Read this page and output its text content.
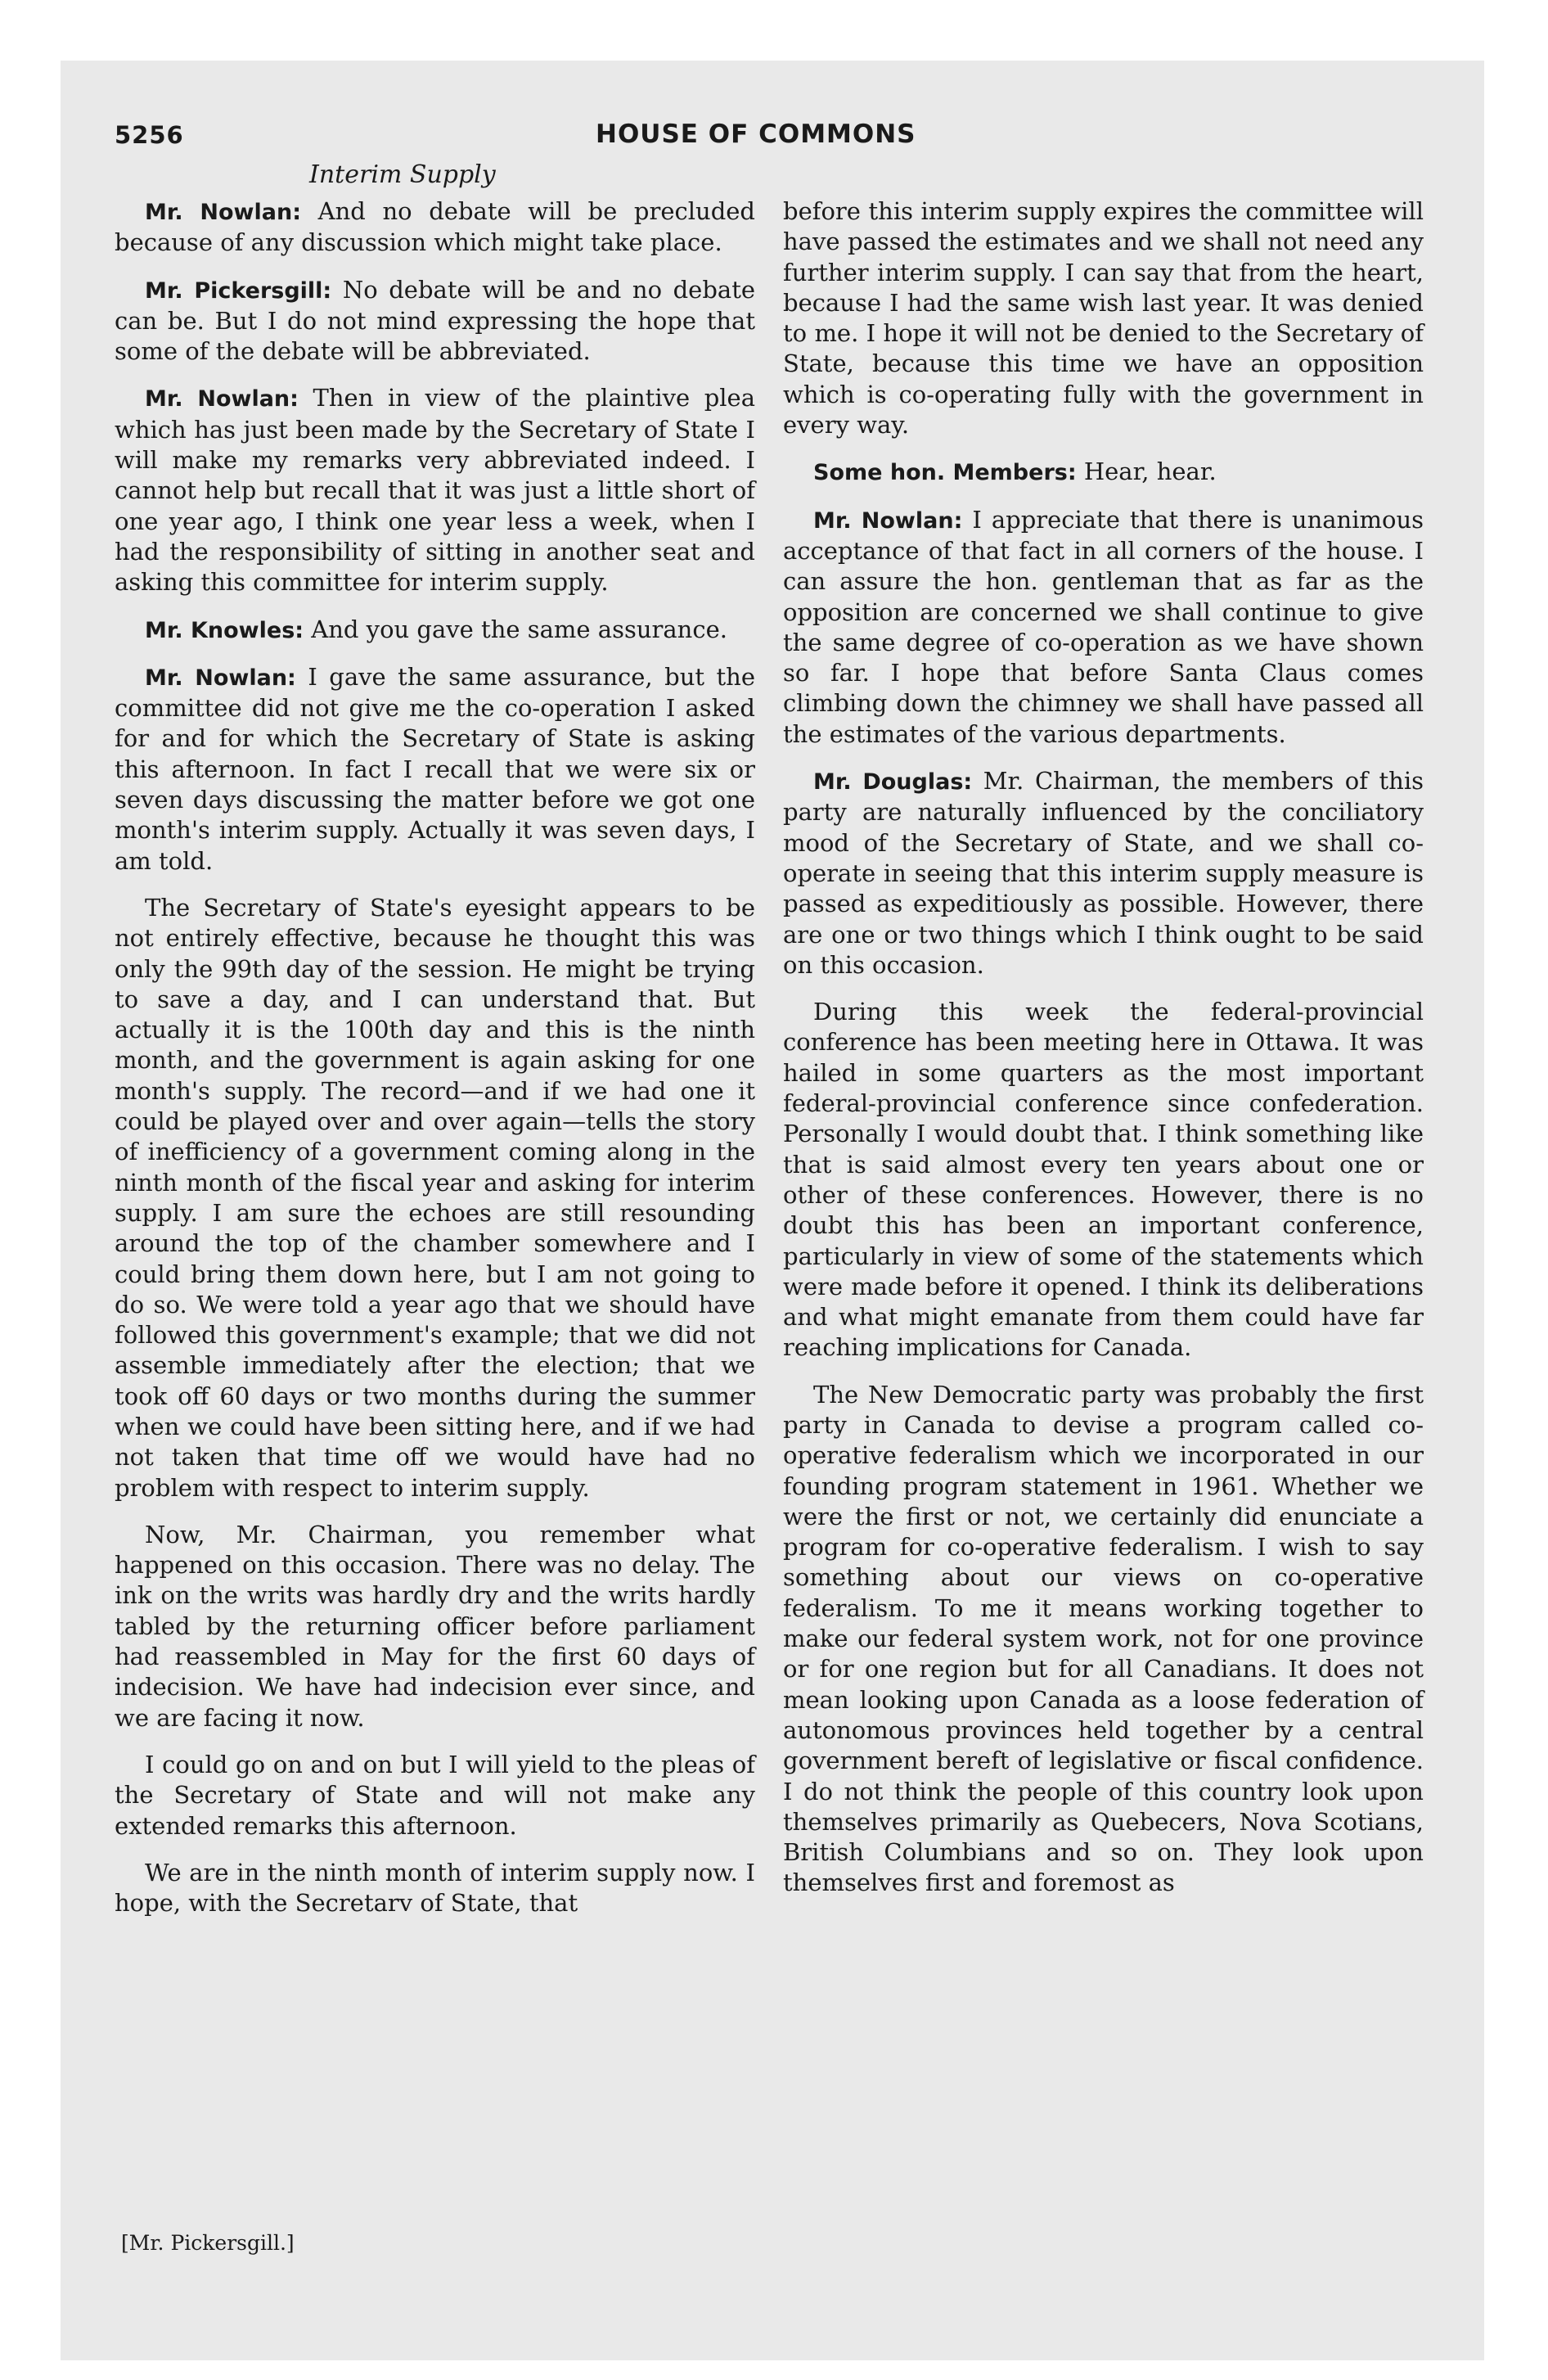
5256	HOUSE OF COMMONS
Interim Supply

Mr. Nowlan: And no debate will be precluded because of any discussion which might take place.

Mr. Pickersgill: No debate will be and no debate can be. But I do not mind expressing the hope that some of the debate will be abbreviated.

Mr. Nowlan: Then in view of the plaintive plea which has just been made by the Secretary of State I will make my remarks very abbreviated indeed. I cannot help but recall that it was just a little short of one year ago, I think one year less a week, when I had the responsibility of sitting in another seat and asking this committee for interim supply.

Mr. Knowles: And you gave the same assurance.

Mr. Nowlan: I gave the same assurance, but the committee did not give me the co-operation I asked for and for which the Secretary of State is asking this afternoon. In fact I recall that we were six or seven days discussing the matter before we got one month's interim supply. Actually it was seven days, I am told.

The Secretary of State's eyesight appears to be not entirely effective, because he thought this was only the 99th day of the session. He might be trying to save a day, and I can understand that. But actually it is the 100th day and this is the ninth month, and the government is again asking for one month's supply. The record—and if we had one it could be played over and over again—tells the story of inefficiency of a government coming along in the ninth month of the fiscal year and asking for interim supply. I am sure the echoes are still resounding around the top of the chamber somewhere and I could bring them down here, but I am not going to do so. We were told a year ago that we should have followed this government's example; that we did not assemble immediately after the election; that we took off 60 days or two months during the summer when we could have been sitting here, and if we had not taken that time off we would have had no problem with respect to interim supply.

Now, Mr. Chairman, you remember what happened on this occasion. There was no delay. The ink on the writs was hardly dry and the writs hardly tabled by the returning officer before parliament had reassembled in May for the first 60 days of indecision. We have had indecision ever since, and we are facing it now.

I could go on and on but I will yield to the pleas of the Secretary of State and will not make any extended remarks this afternoon.

We are in the ninth month of interim supply now. I hope, with the Secretarv of State, that

before this interim supply expires the committee will have passed the estimates and we shall not need any further interim supply. I can say that from the heart, because I had the same wish last year. It was denied to me. I hope it will not be denied to the Secretary of State, because this time we have an opposition which is co-operating fully with the government in every way.

Some hon. Members: Hear, hear.

Mr. Nowlan: I appreciate that there is unanimous acceptance of that fact in all corners of the house. I can assure the hon. gentleman that as far as the opposition are concerned we shall continue to give the same degree of co-operation as we have shown so far. I hope that before Santa Claus comes climbing down the chimney we shall have passed all the estimates of the various departments.

Mr. Douglas: Mr. Chairman, the members of this party are naturally influenced by the conciliatory mood of the Secretary of State, and we shall co-operate in seeing that this interim supply measure is passed as expeditiously as possible. However, there are one or two things which I think ought to be said on this occasion.

During this week the federal-provincial conference has been meeting here in Ottawa. It was hailed in some quarters as the most important federal-provincial conference since confederation. Personally I would doubt that. I think something like that is said almost every ten years about one or other of these conferences. However, there is no doubt this has been an important conference, particularly in view of some of the statements which were made before it opened. I think its deliberations and what might emanate from them could have far reaching implications for Canada.

The New Democratic party was probably the first party in Canada to devise a program called co-operative federalism which we incorporated in our founding program statement in 1961. Whether we were the first or not, we certainly did enunciate a program for co-operative federalism. I wish to say something about our views on co-operative federalism. To me it means working together to make our federal system work, not for one province or for one region but for all Canadians. It does not mean looking upon Canada as a loose federation of autonomous provinces held together by a central government bereft of legislative or fiscal confidence. I do not think the people of this country look upon themselves primarily as Quebecers, Nova Scotians, British Columbians and so on. They look upon themselves first and foremost as

[Mr. Pickersgill.]
